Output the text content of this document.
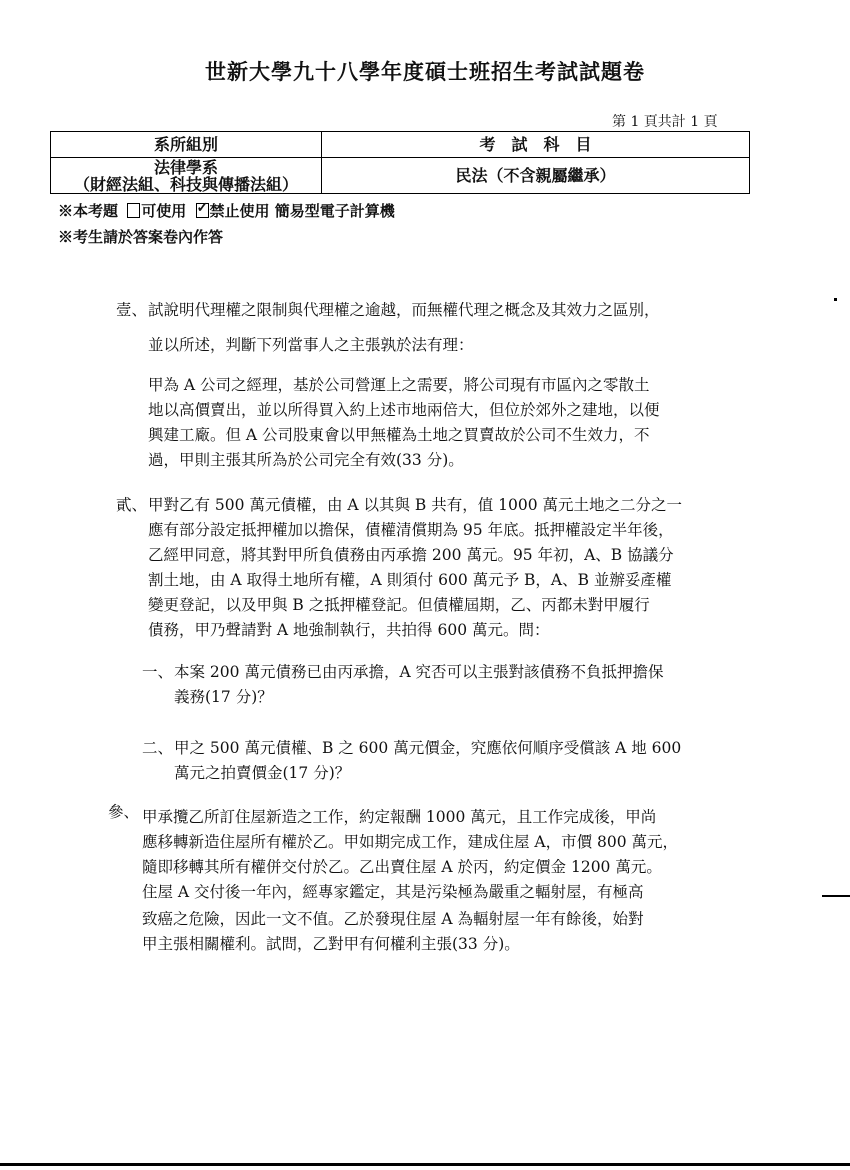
世新大學九十八學年度碩士班招生考試試題卷
第 1 頁共計 1 頁
系所組別	考　試　科　目

法律學系
（財經法組、科技與傳播法組）	民法（不含親屬繼承）
※本考題 可使用 ✓ 禁止使用 簡易型電子計算機
※考生請於答案卷內作答
壹、 試說明代理權之限制與代理權之逾越，而無權代理之概念及其效力之區別，
並以所述，判斷下列當事人之主張孰於法有理：
甲為 A 公司之經理，基於公司營運上之需要，將公司現有市區內之零散土
地以高價賣出，並以所得買入約上述市地兩倍大，但位於郊外之建地，以便
興建工廠。但 A 公司股東會以甲無權為土地之買賣故於公司不生效力，不
過，甲則主張其所為於公司完全有效(33 分)。
貳、 甲對乙有 500 萬元債權，由 A 以其與 B 共有，值 1000 萬元土地之二分之一
應有部分設定抵押權加以擔保，債權清償期為 95 年底。抵押權設定半年後，
乙經甲同意，將其對甲所負債務由丙承擔 200 萬元。95 年初，A、B 協議分
割土地，由 A 取得土地所有權，A 則須付 600 萬元予 B，A、B 並辦妥產權
變更登記，以及甲與 B 之抵押權登記。但債權屆期，乙、丙都未對甲履行
債務，甲乃聲請對 A 地強制執行，共拍得 600 萬元。問：
一、 本案 200 萬元債務已由丙承擔，A 究否可以主張對該債務不負抵押擔保
義務(17 分)？
二、 甲之 500 萬元債權、B 之 600 萬元價金，究應依何順序受償該 A 地 600
萬元之拍賣價金(17 分)？
參、 甲承攬乙所訂住屋新造之工作，約定報酬 1000 萬元，且工作完成後，甲尚
應移轉新造住屋所有權於乙。甲如期完成工作，建成住屋 A，市價 800 萬元，
隨即移轉其所有權併交付於乙。乙出賣住屋 A 於丙，約定價金 1200 萬元。
住屋 A 交付後一年內，經專家鑑定，其是污染極為嚴重之輻射屋，有極高
致癌之危險，因此一文不值。乙於發現住屋 A 為輻射屋一年有餘後，始對
甲主張相關權利。試問，乙對甲有何權利主張(33 分)。
